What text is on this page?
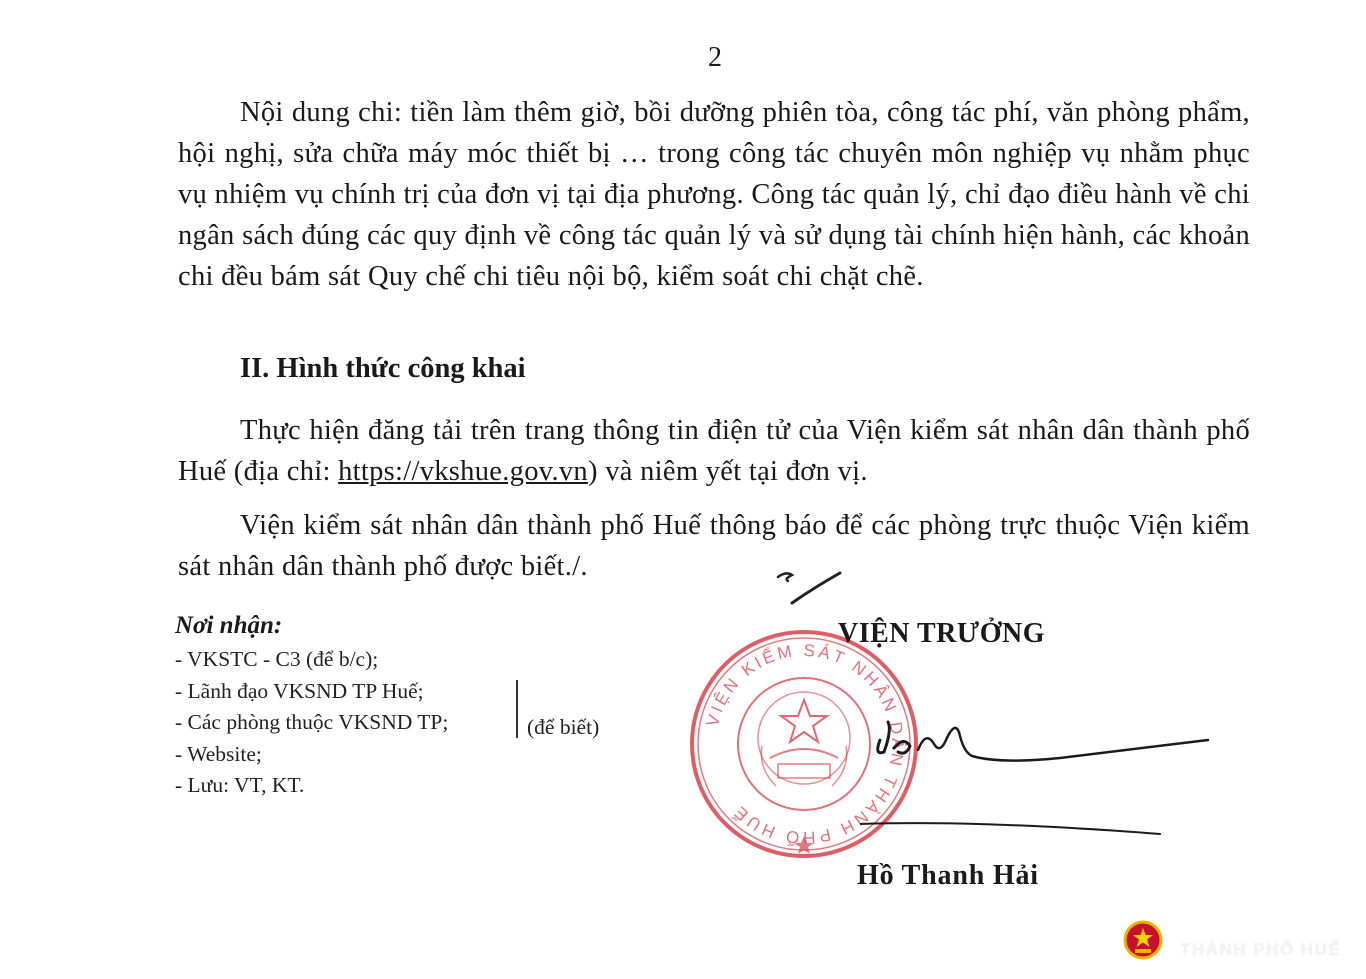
2

Nội dung chi: tiền làm thêm giờ, bồi dưỡng phiên tòa, công tác phí, văn phòng phẩm, hội nghị, sửa chữa máy móc thiết bị … trong công tác chuyên môn nghiệp vụ nhằm phục vụ nhiệm vụ chính trị của đơn vị tại địa phương. Công tác quản lý, chỉ đạo điều hành về chi ngân sách đúng các quy định về công tác quản lý và sử dụng tài chính hiện hành, các khoản chi đều bám sát Quy chế chi tiêu nội bộ, kiểm soát chi chặt chẽ.

II. Hình thức công khai

Thực hiện đăng tải trên trang thông tin điện tử của Viện kiểm sát nhân dân thành phố Huế (địa chỉ: https://vkshue.gov.vn) và niêm yết tại đơn vị.

Viện kiểm sát nhân dân thành phố Huế thông báo để các phòng trực thuộc Viện kiểm sát nhân dân thành phố được biết./.

Nơi nhận:

- VKSTC - C3 (để b/c);
- Lãnh đạo VKSND TP Huế;
- Các phòng thuộc VKSND TP;
- Website;
- Lưu: VT, KT.
(để biết)	VIỆN KIỂM SÁT NHÂN DÂN THÀNH PHỐ HUẾ
VIỆN TRƯỞNG
Hồ Thanh Hải
THÀNH PHỐ HUẾ
